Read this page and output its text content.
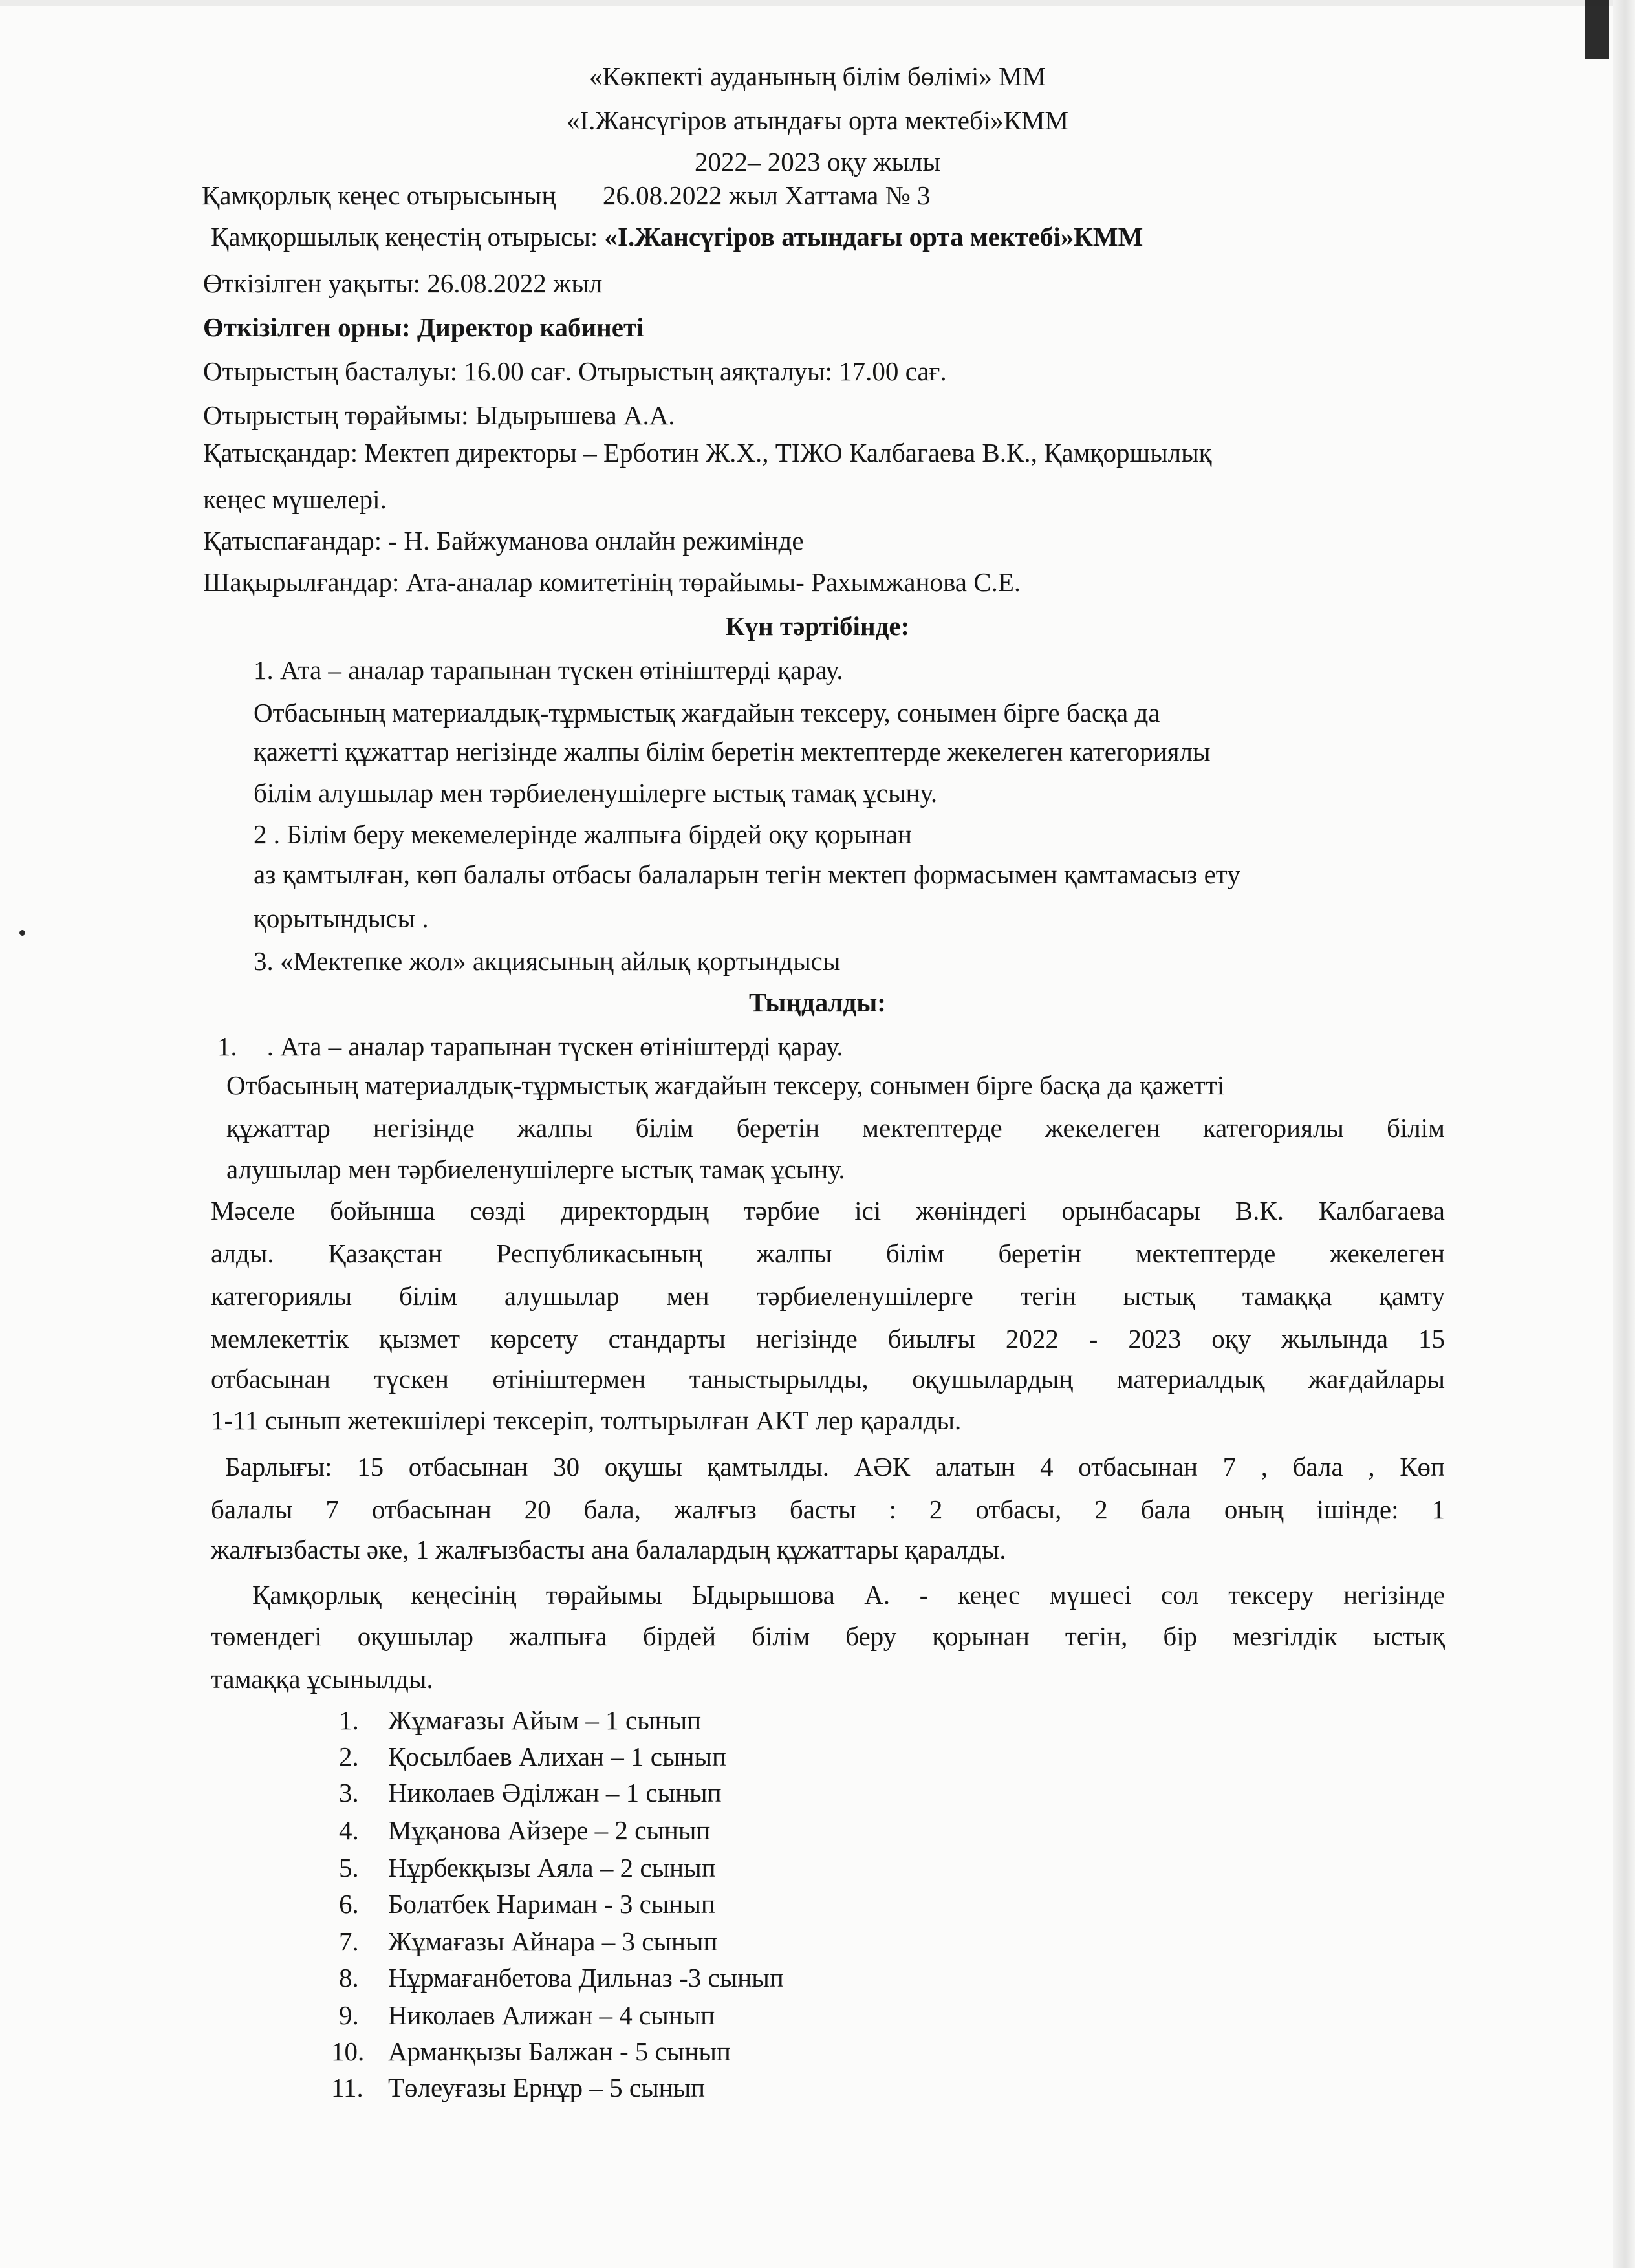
«Көкпекті ауданының білім бөлімі» ММ
«І.Жансүгіров атындағы орта мектебі»КММ
2022– 2023 оқу жылы
Қамқорлық кеңес отырысының 26.08.2022 жыл Хаттама № 3
Қамқоршылық кеңестің отырысы: «І.Жансүгіров атындағы орта мектебі»КММ
Өткізілген уақыты: 26.08.2022 жыл
Өткізілген орны: Директор кабинеті
Отырыстың басталуы: 16.00 сағ. Отырыстың аяқталуы: 17.00 сағ.
Отырыстың төрайымы: Ыдырышева А.А.
Қатысқандар: Мектеп директоры – Ерботин Ж.Х., ТІЖО Калбагаева В.К., Қамқоршылық
кеңес мүшелері.
Қатыспағандар: - Н. Байжуманова онлайн режимінде
Шақырылғандар: Ата-аналар комитетінің төрайымы- Рахымжанова С.Е.
Күн тәртібінде:
1. Ата – аналар тарапынан түскен өтініштерді қарау.
Отбасының материалдық-тұрмыстық жағдайын тексеру, сонымен бірге басқа да
қажетті құжаттар негізінде жалпы білім беретін мектептерде жекелеген категориялы
білім алушылар мен тәрбиеленушілерге ыстық тамақ ұсыну.
2 . Білім беру мекемелерінде жалпыға бірдей оқу қорынан
аз қамтылған, көп балалы отбасы балаларын тегін мектеп формасымен қамтамасыз ету
қорытындысы .
3. «Мектепке жол» акциясының айлық қортындысы
Тыңдалды:
1. . Ата – аналар тарапынан түскен өтініштерді қарау.
Отбасының материалдық-тұрмыстық жағдайын тексеру, сонымен бірге басқа да қажетті
құжаттар негізінде жалпы білім беретін мектептерде жекелеген категориялы білім
алушылар мен тәрбиеленушілерге ыстық тамақ ұсыну.
Мәселе бойынша сөзді директордың тәрбие ісі жөніндегі орынбасары В.К. Калбагаева
алды. Қазақстан Республикасының жалпы білім беретін мектептерде жекелеген
категориялы білім алушылар мен тәрбиеленушілерге тегін ыстық тамаққа қамту
мемлекеттік қызмет көрсету стандарты негізінде биылғы 2022 - 2023 оқу жылында 15
отбасынан түскен өтініштермен таныстырылды, оқушылардың материалдық жағдайлары
1-11 сынып жетекшілері тексеріп, толтырылған АКТ лер қаралды.
Барлығы: 15 отбасынан 30 оқушы қамтылды. АӘК алатын 4 отбасынан 7 , бала , Көп
балалы 7 отбасынан 20 бала, жалғыз басты : 2 отбасы, 2 бала оның ішінде: 1
жалғызбасты әке, 1 жалғызбасты ана балалардың құжаттары қаралды.
Қамқорлық кеңесінің төрайымы Ыдырышова А. - кеңес мүшесі сол тексеру негізінде
төмендегі оқушылар жалпыға бірдей білім беру қорынан тегін, бір мезгілдік ыстық
тамаққа ұсынылды.
1. Жұмағазы Айым – 1 сынып
2. Қосылбаев Алихан – 1 сынып
3. Николаев Әділжан – 1 сынып
4. Мұқанова Айзере – 2 сынып
5. Нұрбекқызы Аяла – 2 сынып
6. Болатбек Нариман - 3 сынып
7. Жұмағазы Айнара – 3 сынып
8. Нұрмағанбетова Дильназ -3 сынып
9. Николаев Алижан – 4 сынып
10. Арманқызы Балжан - 5 сынып
11. Төлеуғазы Ернұр – 5 сынып
